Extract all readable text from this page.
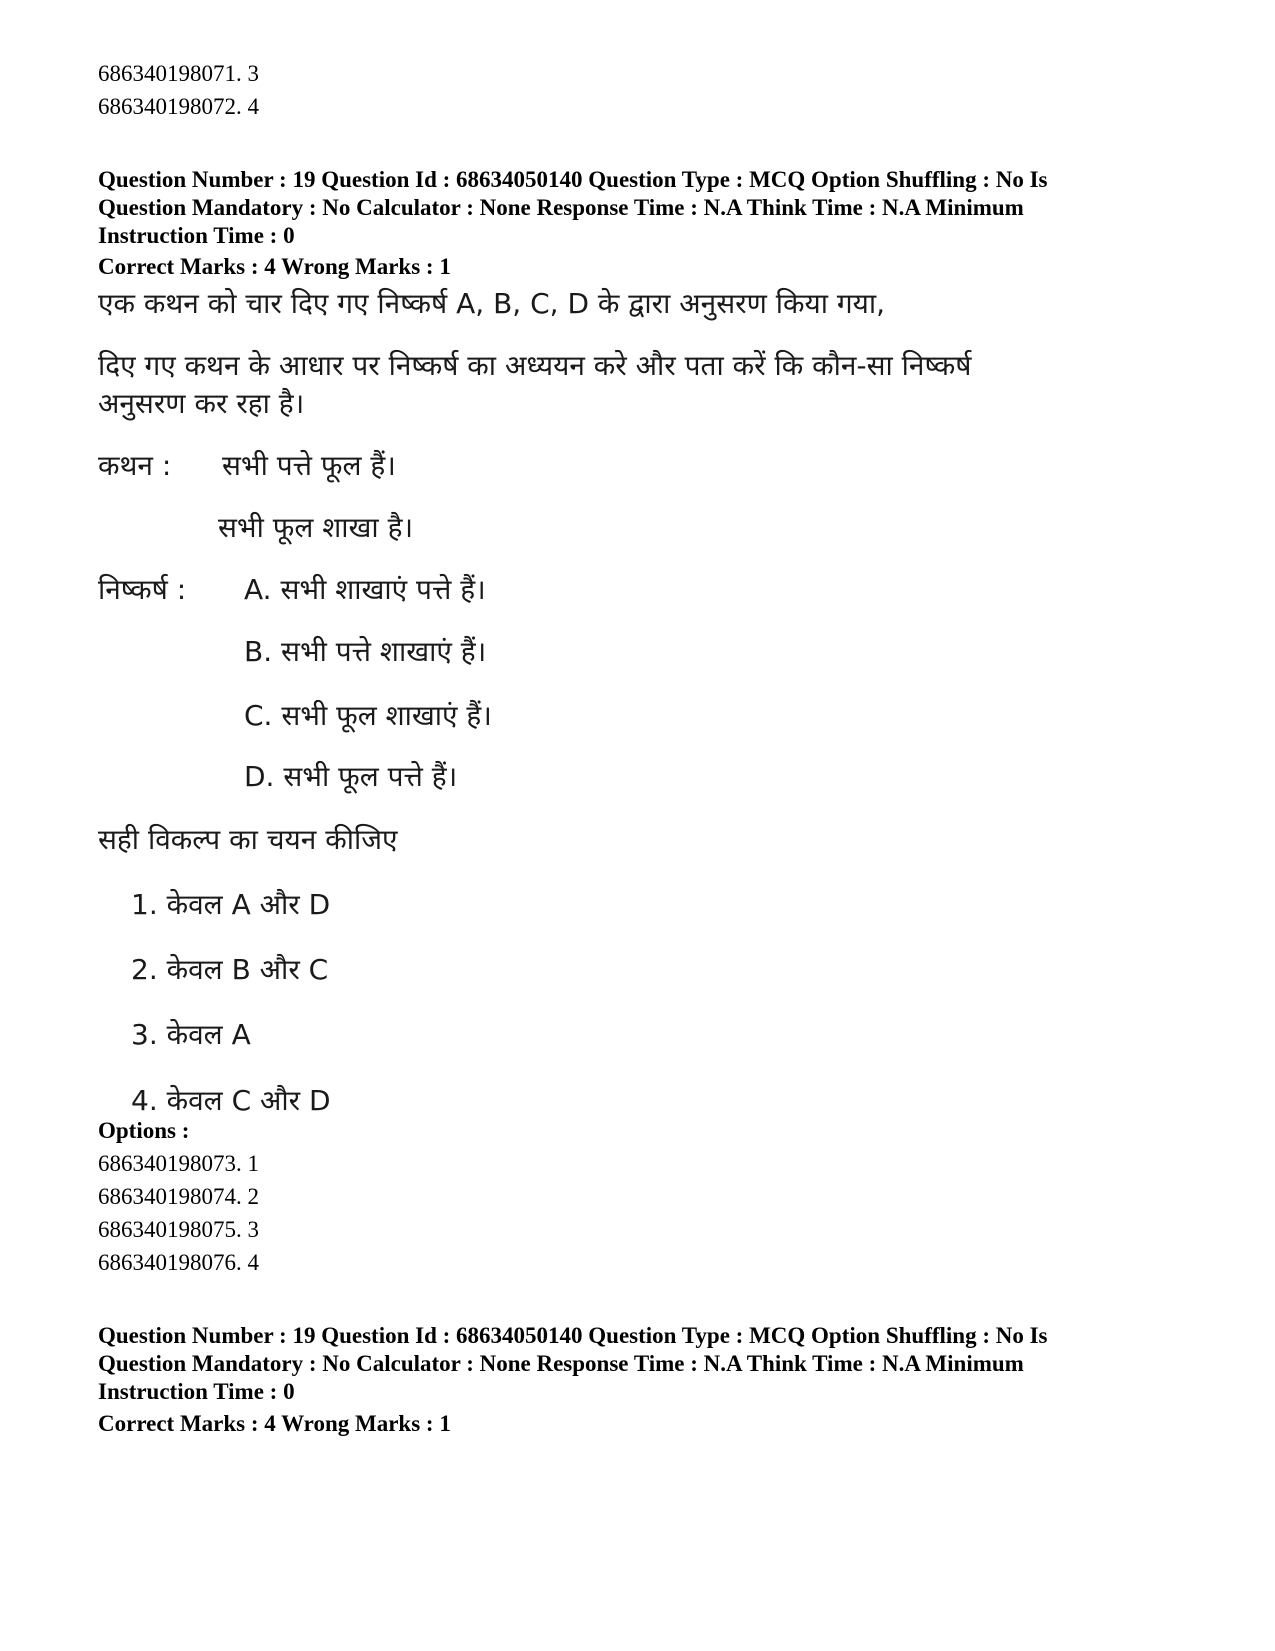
686340198071. 3
686340198072. 4
Question Number : 19 Question Id : 68634050140 Question Type : MCQ Option Shuffling : No Is
Question Mandatory : No Calculator : None Response Time : N.A Think Time : N.A Minimum
Instruction Time : 0
Correct Marks : 4 Wrong Marks : 1
एक कथन को चार दिए गए निष्कर्ष A, B, C, D के द्वारा अनुसरण किया गया,
दिए गए कथन के आधार पर निष्कर्ष का अध्ययन करे और पता करें कि कौन-सा निष्कर्ष
अनुसरण कर रहा है।
कथन : सभी पत्ते फूल हैं।
सभी फूल शाखा है।
निष्कर्ष : A. सभी शाखाएं पत्ते हैं।
B. सभी पत्ते शाखाएं हैं।
C. सभी फूल शाखाएं हैं।
D. सभी फूल पत्ते हैं।
सही विकल्प का चयन कीजिए
1. केवल A और D
2. केवल B और C
3. केवल A
4. केवल C और D
Options :
686340198073. 1
686340198074. 2
686340198075. 3
686340198076. 4
Question Number : 19 Question Id : 68634050140 Question Type : MCQ Option Shuffling : No Is
Question Mandatory : No Calculator : None Response Time : N.A Think Time : N.A Minimum
Instruction Time : 0
Correct Marks : 4 Wrong Marks : 1
